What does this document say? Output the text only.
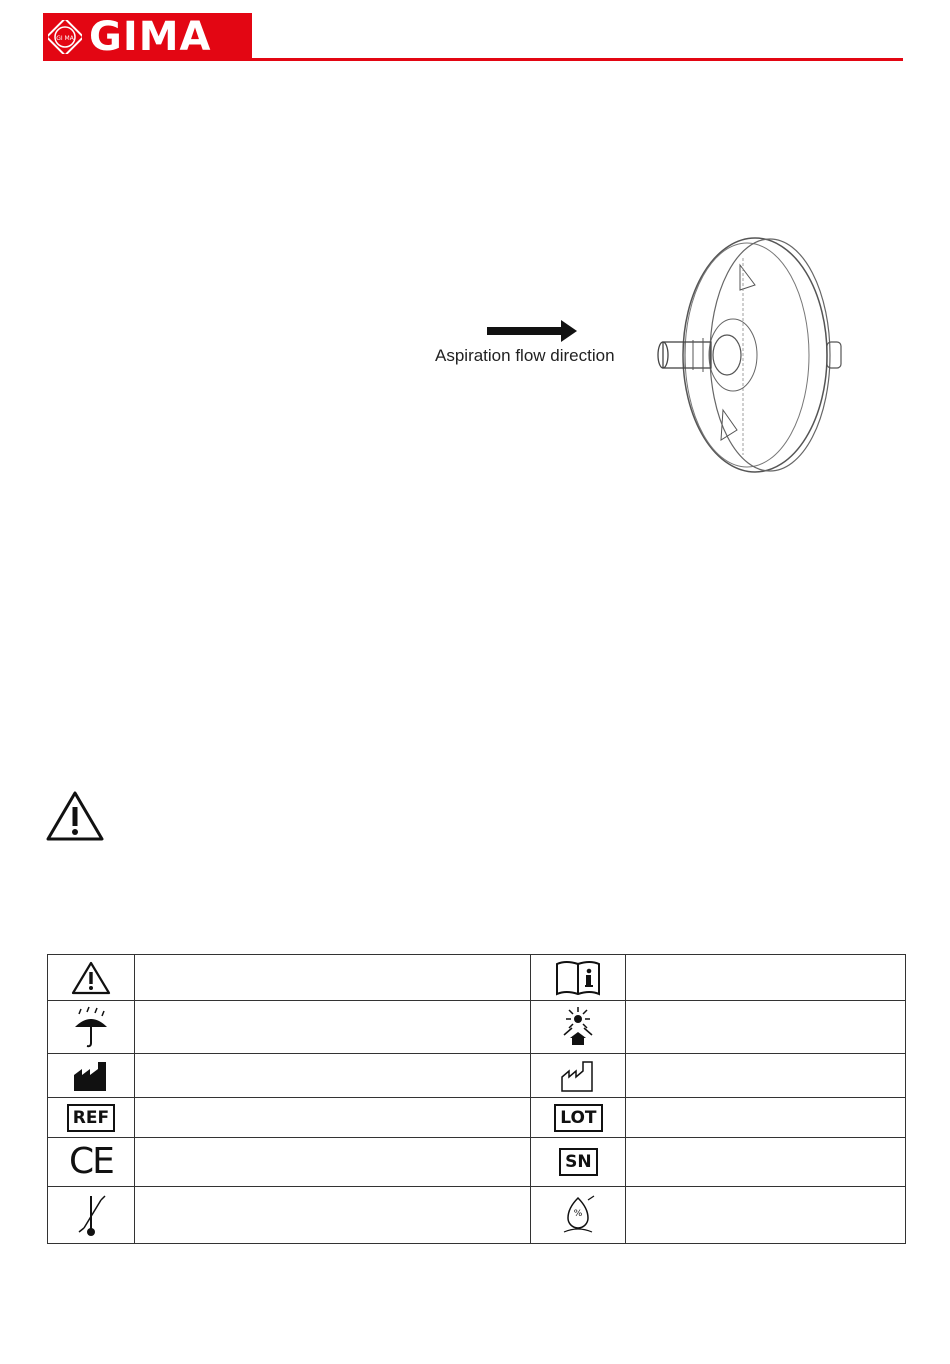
GI MA GIMA
Aspiration flow direction

REF		LOT	
CE		SN	

%	
